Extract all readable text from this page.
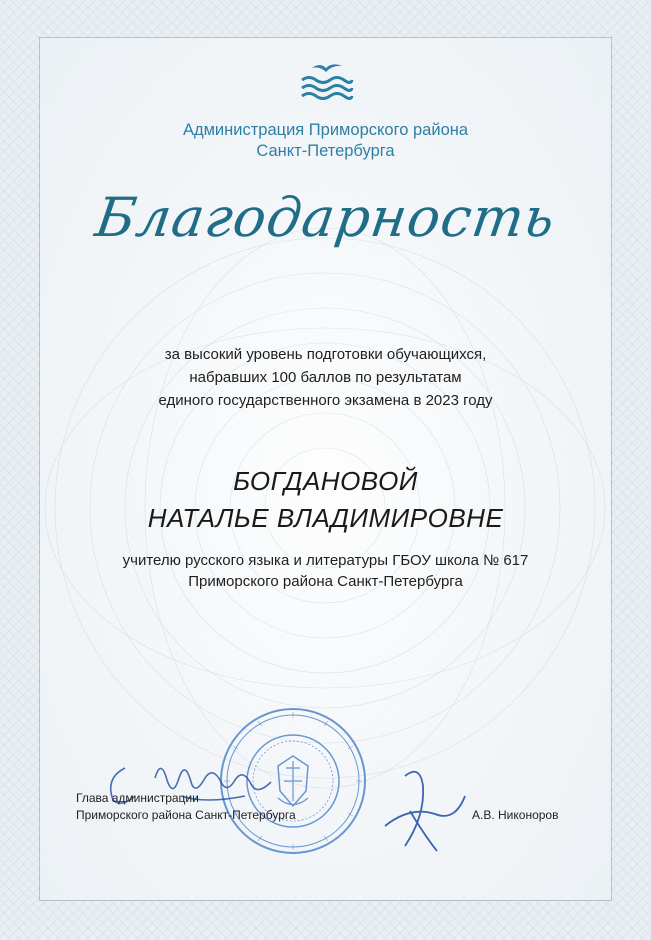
Администрация Приморского района
Санкт-Петербурга
Благодарность
за высокий уровень подготовки обучающихся,
набравших 100 баллов по результатам
единого государственного экзамена в 2023 году
БОГДАНОВОЙ
НАТАЛЬЕ ВЛАДИМИРОВНЕ
учителю русского языка и литературы ГБОУ школа № 617
Приморского района Санкт-Петербурга
Глава администрации
Приморского района Санкт-Петербурга	А.В. Никоноров
